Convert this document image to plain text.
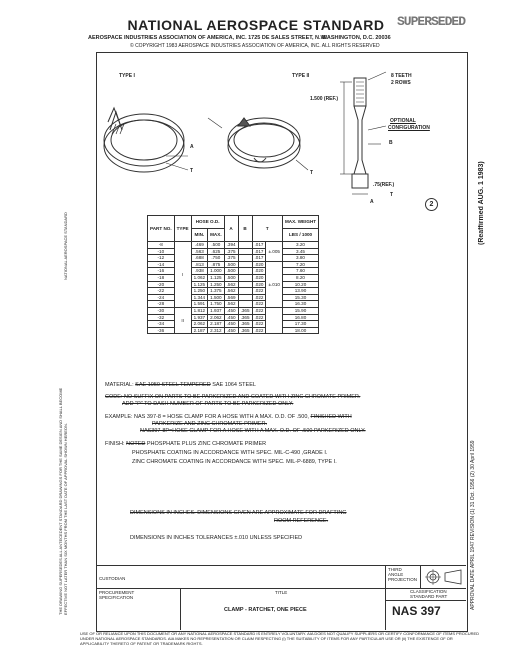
NATIONAL AEROSPACE STANDARD
AEROSPACE INDUSTRIES ASSOCIATION OF AMERICA, INC. 1725 DE SALES STREET, N.W.
WASHINGTON, D.C. 20036
© COPYRIGHT 1983 AEROSPACE INDUSTRIES ASSOCIATION OF AMERICA, INC. ALL RIGHTS RESERVED
SUPERSEDED
(Reaffirmed AUG. 1 1983)
NATIONAL AEROSPACE STANDARD
THE DRAWING SUPERSEDES ALL ANTECEDENT STANDARD DRAWINGS FOR THE SAME DESIGN AND SHALL BECOME EFFECTIVE NOT LATER THAN SIX MONTHS FROM THE LAST DATE OF APPROVAL SHOWN HEREON.
TYPE I	TYPE II	8 TEETH
2 ROWS
1.500 (REF.)
OPTIONAL
CONFIGURATION
B
.75(REF.)
A
T
A
T	T
2
PART NO.	TYPE	HOSE O.D.		A	B	T		MAX. WEIGHT
		MIN.	MAX.					LBS / 1000
-8	I	.469	.500	.394		.017	±.005	3.20
-10		.563	.625	.375		.017		3.45
-12		.688	.750	.375		.017		3.80
-14		.813	.875	.500		.020	±.010	7.20
-16		.938	1.000	.500		.020		7.60
-18		1.062	1.125	.500		.020		8.20
-20		1.125	1.250	.562		.020		10.20
-22		1.250	1.375	.562		.022		13.90
-24		1.344	1.500	.569		.022		15.30
-28		1.591	1.750	.562		.022		16.30
-30	II	1.812	1.937	.450	.365	.022		15.90
-32		1.937	2.062	.450	.365	.022		16.80
-34		2.062	2.187	.450	.365	.022		17.30
-36		2.187	2.312	.450	.365	.022		18.00
MATERIAL: SAE 1050 STEEL TEMPERED SAE 1064 STEEL
CODE: NO SUFFIX ON PARTS TO BE PARKERIZED AND COATED WITH ZINC CHROMATE PRIMER.
ADD "P" TO DASH NUMBER OF PARTS TO BE PARKERIZED ONLY.
EXAMPLE: NAS 397-8 = HOSE CLAMP FOR A HOSE WITH A MAX. O.D. OF .500, FINISHED WITH
PARKERIZE AND ZINC CHROMATE PRIMER.
NAS397-8P=HOSE CLAMP FOR A HOSE WITH A MAX. O.D. OF .500 PARKERIZED ONLY.
FINISH: NOTED PHOSPHATE PLUS ZINC CHROMATE PRIMER
PHOSPHATE COATING IN ACCORDANCE WITH SPEC. MIL-C-490 ,GRADE I.
ZINC CHROMATE COATING IN ACCORDANCE WITH SPEC. MIL-P-6889, TYPE I.
DIMENSIONS IN INCHES. DIMENSIONS GIVEN ARE APPROXIMATE FOR DRAFTING
ROOM REFERENCE.
DIMENSIONS IN INCHES TOLERANCES ±.010 UNLESS SPECIFIED	APPROVAL DATE APRIL 1947 REVISION (1) 31 Oct. 1956 (2) 30 April 1959
CUSTODIAN
PROCUREMENT
SPECIFICATION
TITLE
CLAMP - RATCHET, ONE PIECE
THIRD
ANGLE
PROJECTION
CLASSIFICATION
STANDARD PART
NAS 397
USE OF OR RELIANCE UPON THIS DOCUMENT OR ANY NATIONAL AEROSPACE STANDARD IS ENTIRELY VOLUNTARY. AIA DOES NOT QUALIFY SUPPLIERS OR CERTIFY CONFORMANCE OF ITEMS PROCURED UNDER NATIONAL AEROSPACE STANDARDS. AIA MAKES NO REPRESENTATION OR CLAIM RESPECTING (i) THE SUITABILITY OF ITEMS FOR ANY PARTICULAR USE OR (ii) THE EXISTENCE OF OR APPLICABILITY THERETO OF PATENT OR TRADEMARK RIGHTS.
